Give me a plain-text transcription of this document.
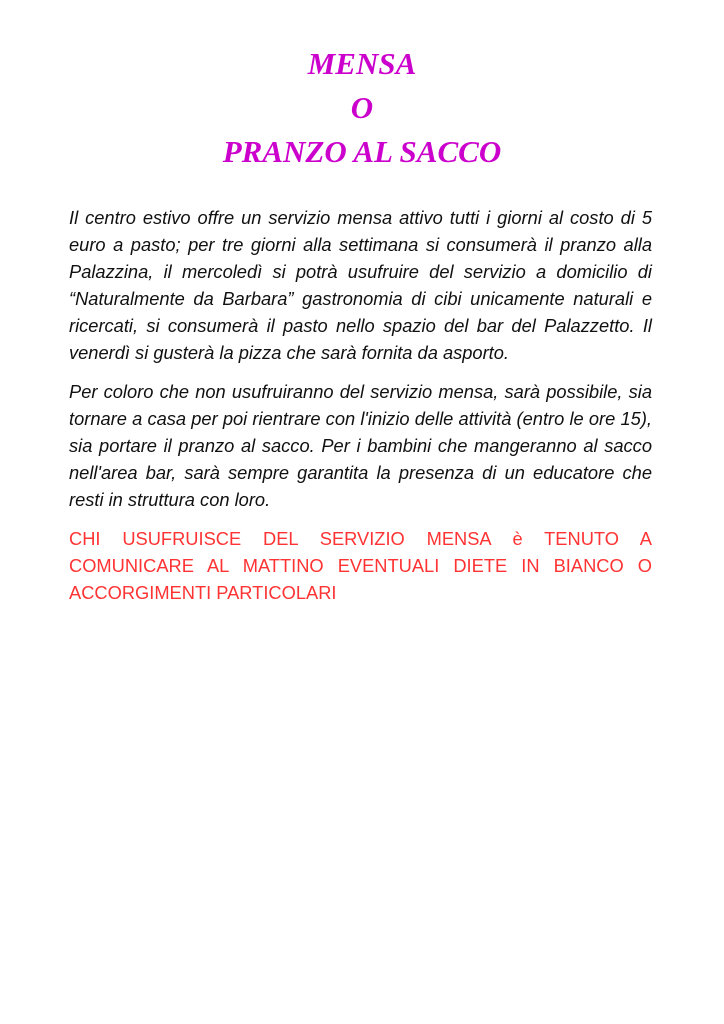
MENSA

O

PRANZO AL SACCO

Il centro estivo offre un servizio mensa attivo tutti i giorni al costo di 5 euro a pasto; per tre giorni alla settimana si consumerà il pranzo alla Palazzina, il mercoledì si potrà usufruire del servizio a domicilio di “Naturalmente da Barbara” gastronomia di cibi unicamente naturali e ricercati, si consumerà il pasto nello spazio del bar del Palazzetto. Il venerdì si gusterà la pizza che sarà fornita da asporto.

Per coloro che non usufruiranno del servizio mensa, sarà possibile, sia tornare a casa per poi rientrare con l'inizio delle attività (entro le ore 15), sia portare il pranzo al sacco. Per i bambini che mangeranno al sacco nell'area bar, sarà sempre garantita la presenza di un educatore che resti in struttura con loro.

CHI USUFRUISCE DEL SERVIZIO MENSA è TENUTO A COMUNICARE AL MATTINO EVENTUALI DIETE IN BIANCO O ACCORGIMENTI PARTICOLARI
